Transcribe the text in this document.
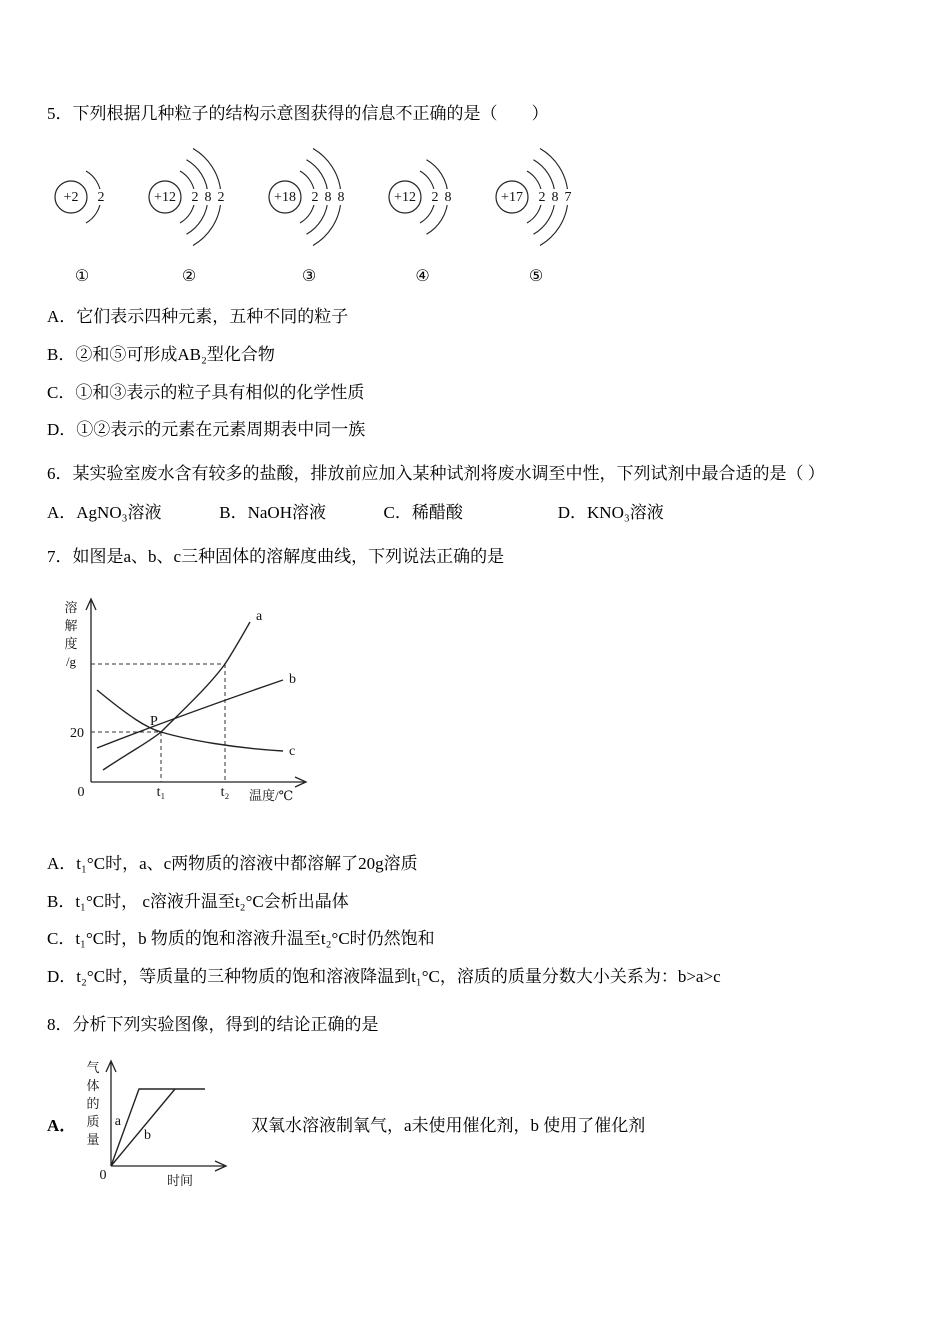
5．下列根据几种粒子的结构示意图获得的信息不正确的是（　　）

+2 2
①
+12 2 8 2
②
+18 2 8 8
③
+12 2 8
④
+17 2 8 7
⑤

A．它们表示四种元素，五种不同的粒子

B．②和⑤可形成AB₂型化合物

C．①和③表示的粒子具有相似的化学性质

D．①②表示的元素在元素周期表中同一族

6．某实验室废水含有较多的盐酸，排放前应加入某种试剂将废水调至中性，下列试剂中最合适的是（ ）

A．AgNO₃溶液	B．NaOH溶液	C．稀醋酸	D．KNO₃溶液

7．如图是a、b、c三种固体的溶解度曲线，下列说法正确的是

溶
解
度
/g
0
20
t₁	t₂ 温度/℃
a
b
c
P

A．t₁°C时，a、c两物质的溶液中都溶解了20g溶质

B．t₁°C时， c溶液升温至t₂°C会析出晶体

C．t₁°C时，b 物质的饱和溶液升温至t₂°C时仍然饱和

D．t₂°C时，等质量的三种物质的饱和溶液降温到t₁°C，溶质的质量分数大小关系为：b>a>c

8．分析下列实验图像，得到的结论正确的是

A．
气
体
的
质
量
0	时间
a
b
双氧水溶液制氧气，a未使用催化剂，b 使用了催化剂
